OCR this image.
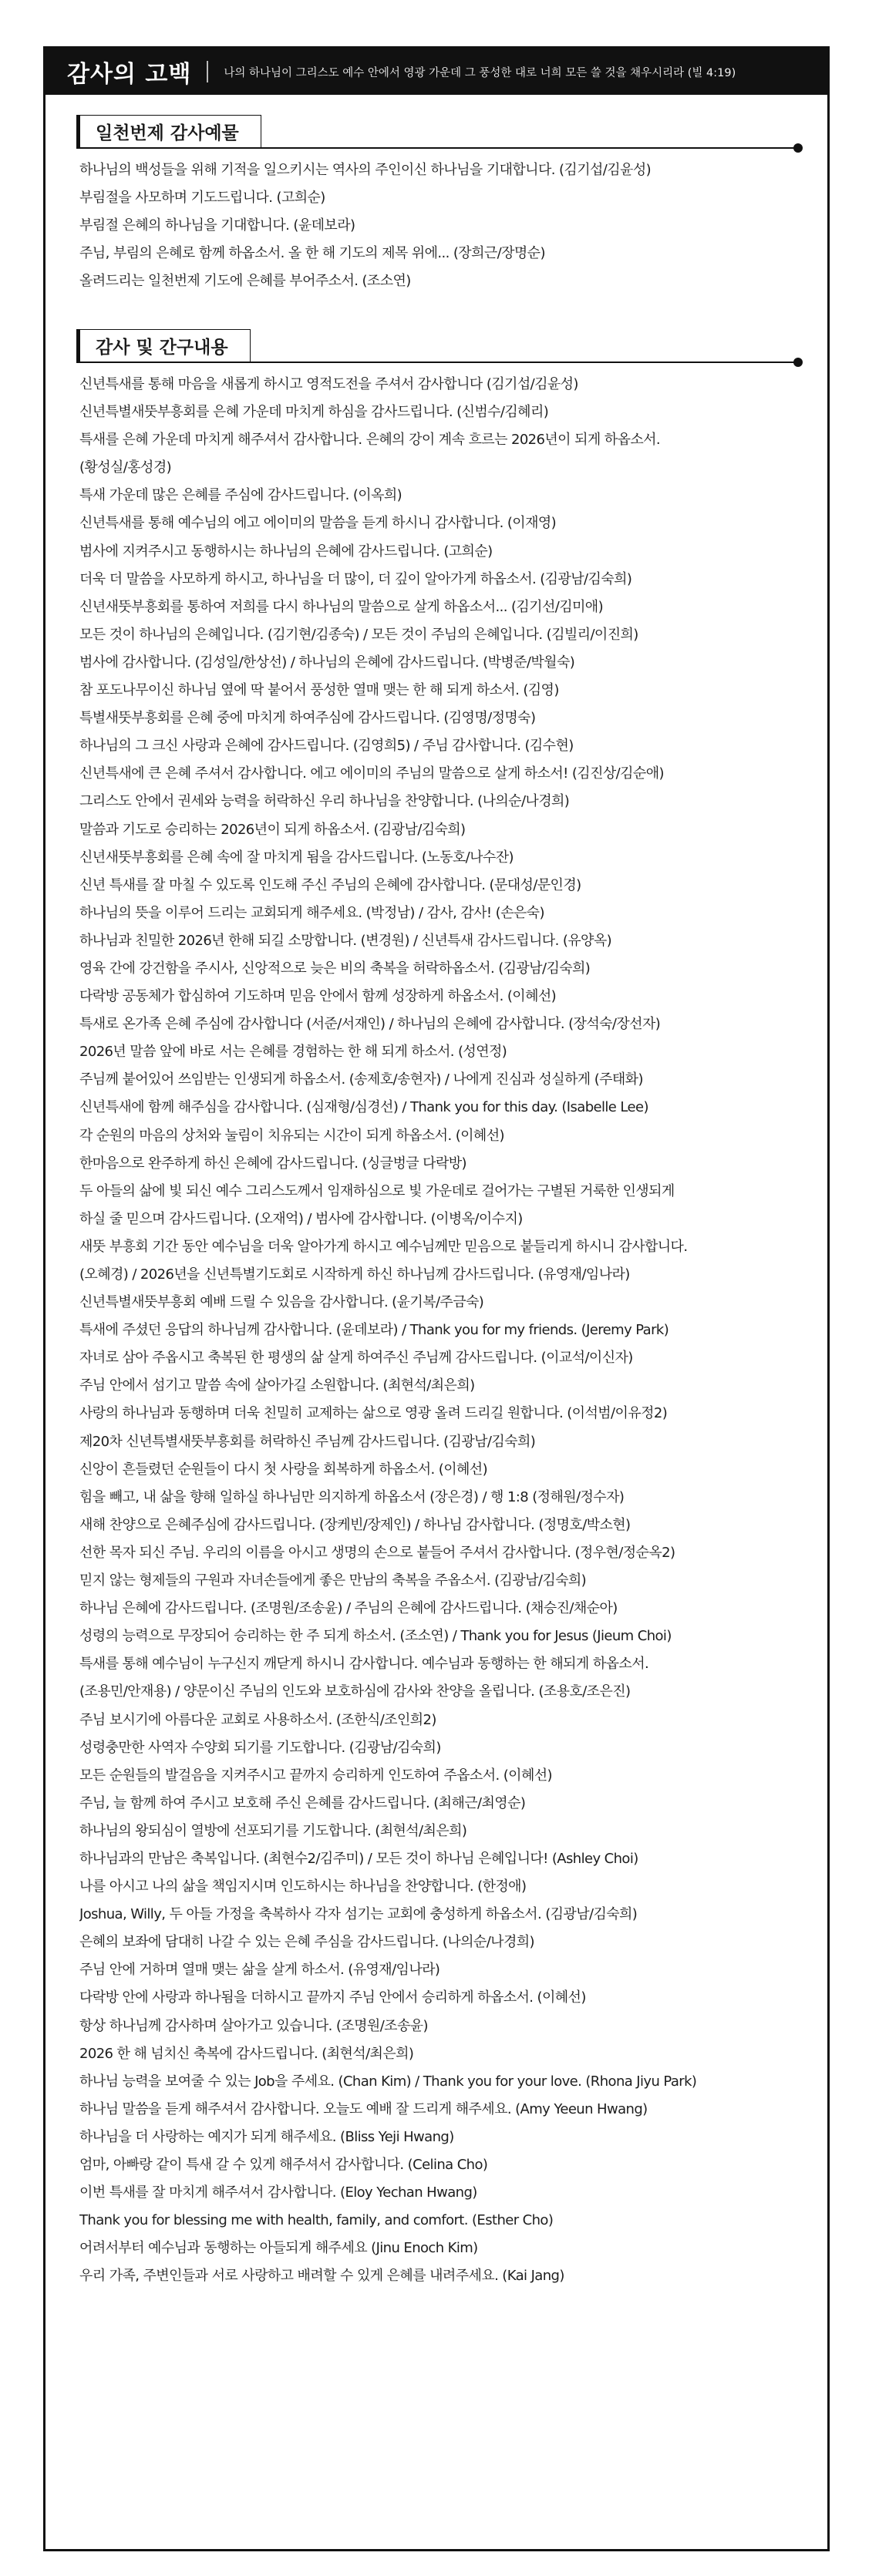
감사의 고백	나의 하나님이 그리스도 예수 안에서 영광 가운데 그 풍성한 대로 너희 모든 쓸 것을 채우시리라 (빌 4:19)
일천번제 감사예물
하나님의 백성들을 위해 기적을 일으키시는 역사의 주인이신 하나님을 기대합니다. (김기섭/김윤성)
부림절을 사모하며 기도드립니다. (고희순)
부림절 은혜의 하나님을 기대합니다. (윤데보라)
주님, 부림의 은혜로 함께 하옵소서. 올 한 해 기도의 제목 위에... (장희근/장명순)
올려드리는 일천번제 기도에 은혜를 부어주소서. (조소연)
감사 및 간구내용
신년특새를 통해 마음을 새롭게 하시고 영적도전을 주셔서 감사합니다 (김기섭/김윤성)
신년특별새뚯부흥회를 은혜 가운데 마치게 하심을 감사드립니다. (신범수/김혜리)
특새를 은혜 가운데 마치게 해주셔서 감사합니다. 은혜의 강이 계속 흐르는 2026년이 되게 하옵소서.
(황성실/홍성경)
특새 가운데 많은 은혜를 주심에 감사드립니다. (이옥희)
신년특새를 통해 예수님의 에고 에이미의 말씀을 듣게 하시니 감사합니다. (이재영)
범사에 지켜주시고 동행하시는 하나님의 은혜에 감사드립니다. (고희순)
더욱 더 말씀을 사모하게 하시고, 하나님을 더 많이, 더 깊이 알아가게 하옵소서. (김광남/김숙희)
신년새뚯부흥회를 통하여 저희를 다시 하나님의 말씀으로 살게 하옵소서... (김기선/김미애)
모든 것이 하나님의 은혜입니다. (김기현/김종숙) / 모든 것이 주님의 은혜입니다. (김빌리/이진희)
범사에 감사합니다. (김성일/한상선) / 하나님의 은혜에 감사드립니다. (박병준/박월숙)
참 포도나무이신 하나님 옆에 딱 붙어서 풍성한 열매 맺는 한 해 되게 하소서. (김영)
특별새뚯부흥회를 은혜 중에 마치게 하여주심에 감사드립니다. (김영명/정명숙)
하나님의 그 크신 사랑과 은혜에 감사드립니다. (김영희5) / 주님 감사합니다. (김수현)
신년특새에 큰 은혜 주셔서 감사합니다. 에고 에이미의 주님의 말씀으로 살게 하소서! (김진상/김순애)
그리스도 안에서 권세와 능력을 허락하신 우리 하나님을 찬양합니다. (나의순/나경희)
말씀과 기도로 승리하는 2026년이 되게 하옵소서. (김광남/김숙희)
신년새뚯부흥회를 은혜 속에 잘 마치게 됨을 감사드립니다. (노동호/나수잔)
신년 특새를 잘 마칠 수 있도록 인도해 주신 주님의 은혜에 감사합니다. (문대성/문인경)
하나님의 뜻을 이루어 드리는 교회되게 해주세요. (박정남) / 감사, 감사! (손은숙)
하나님과 친밀한 2026년 한해 되길 소망합니다. (변경원) / 신년특새 감사드립니다. (유양옥)
영육 간에 강건함을 주시사, 신앙적으로 늦은 비의 축복을 허락하옵소서. (김광남/김숙희)
다락방 공동체가 합심하여 기도하며 믿음 안에서 함께 성장하게 하옵소서. (이혜선)
특새로 온가족 은혜 주심에 감사합니다 (서준/서재인) / 하나님의 은혜에 감사합니다. (장석숙/장선자)
2026년 말씀 앞에 바로 서는 은혜를 경험하는 한 해 되게 하소서. (성연정)
주님께 붙어있어 쓰임받는 인생되게 하옵소서. (송제호/송현자) / 나에게 진심과 성실하게 (주태화)
신년특새에 함께 해주심을 감사합니다. (심재형/심경선) / Thank you for this day. (Isabelle Lee)
각 순원의 마음의 상처와 눌림이 치유되는 시간이 되게 하옵소서. (이혜선)
한마음으로 완주하게 하신 은혜에 감사드립니다. (싱글벙글 다락방)
두 아들의 삶에 빛 되신 예수 그리스도께서 임재하심으로 빛 가운데로 걸어가는 구별된 거룩한 인생되게
하실 줄 믿으며 감사드립니다. (오재억) / 범사에 감사합니다. (이병옥/이수지)
새뚯 부흥회 기간 동안 예수님을 더욱 알아가게 하시고 예수님께만 믿음으로 붙들리게 하시니 감사합니다.
(오혜경) / 2026년을 신년특별기도회로 시작하게 하신 하나님께 감사드립니다. (유영재/임나라)
신년특별새뚯부흥회 예배 드릴 수 있음을 감사합니다. (윤기복/주금숙)
특새에 주셨던 응답의 하나님께 감사합니다. (윤데보라) / Thank you for my friends. (Jeremy Park)
자녀로 삼아 주옵시고 축복된 한 평생의 삶 살게 하여주신 주님께 감사드립니다. (이교석/이신자)
주님 안에서 섬기고 말씀 속에 살아가길 소원합니다. (최현석/최은희)
사랑의 하나님과 동행하며 더욱 친밀히 교제하는 삶으로 영광 올려 드리길 원합니다. (이석범/이유정2)
제20차 신년특별새뚯부흥회를 허락하신 주님께 감사드립니다. (김광남/김숙희)
신앙이 흔들렸던 순원들이 다시 첫 사랑을 회복하게 하옵소서. (이혜선)
힘을 빼고, 내 삶을 향해 일하실 하나님만 의지하게 하옵소서 (장은경) / 행 1:8 (정해원/정수자)
새해 찬양으로 은혜주심에 감사드립니다. (장케빈/장제인) / 하나님 감사합니다. (정명호/박소현)
선한 목자 되신 주님. 우리의 이름을 아시고 생명의 손으로 붙들어 주셔서 감사합니다. (정우현/정순옥2)
믿지 않는 형제들의 구원과 자녀손들에게 좋은 만남의 축복을 주옵소서. (김광남/김숙희)
하나님 은혜에 감사드립니다. (조명원/조송윤) / 주님의 은혜에 감사드립니다. (채승진/채순아)
성령의 능력으로 무장되어 승리하는 한 주 되게 하소서. (조소연) / Thank you for Jesus (Jieum Choi)
특새를 통해 예수님이 누구신지 깨닫게 하시니 감사합니다. 예수님과 동행하는 한 해되게 하옵소서.
(조용민/안재용) / 양문이신 주님의 인도와 보호하심에 감사와 찬양을 올립니다. (조용호/조은진)
주님 보시기에 아름다운 교회로 사용하소서. (조한식/조인희2)
성령충만한 사역자 수양회 되기를 기도합니다. (김광남/김숙희)
모든 순원들의 발걸음을 지켜주시고 끝까지 승리하게 인도하여 주옵소서. (이혜선)
주님, 늘 함께 하여 주시고 보호해 주신 은혜를 감사드립니다. (최해근/최영순)
하나님의 왕되심이 열방에 선포되기를 기도합니다. (최현석/최은희)
하나님과의 만남은 축복입니다. (최현수2/김주미) / 모든 것이 하나님 은혜입니다! (Ashley Choi)
나를 아시고 나의 삶을 책임지시며 인도하시는 하나님을 찬양합니다. (한정애)
Joshua, Willy, 두 아들 가정을 축복하사 각자 섬기는 교회에 충성하게 하옵소서. (김광남/김숙희)
은혜의 보좌에 담대히 나갈 수 있는 은혜 주심을 감사드립니다. (나의순/나경희)
주님 안에 거하며 열매 맺는 삶을 살게 하소서. (유영재/임나라)
다락방 안에 사랑과 하나됨을 더하시고 끝까지 주님 안에서 승리하게 하옵소서. (이혜선)
항상 하나님께 감사하며 살아가고 있습니다. (조명원/조송윤)
2026 한 해 넘치신 축복에 감사드립니다. (최현석/최은희)
하나님 능력을 보여줄 수 있는 Job을 주세요. (Chan Kim) / Thank you for your love. (Rhona Jiyu Park)
하나님 말씀을 듣게 해주셔서 감사합니다. 오늘도 예배 잘 드리게 해주세요. (Amy Yeeun Hwang)
하나님을 더 사랑하는 예지가 되게 해주세요. (Bliss Yeji Hwang)
엄마, 아빠랑 같이 특새 갈 수 있게 해주셔서 감사합니다. (Celina Cho)
이번 특새를 잘 마치게 해주셔서 감사합니다. (Eloy Yechan Hwang)
Thank you for blessing me with health, family, and comfort. (Esther Cho)
어려서부터 예수님과 동행하는 아들되게 해주세요 (Jinu Enoch Kim)
우리 가족, 주변인들과 서로 사랑하고 배려할 수 있게 은혜를 내려주세요. (Kai Jang)
